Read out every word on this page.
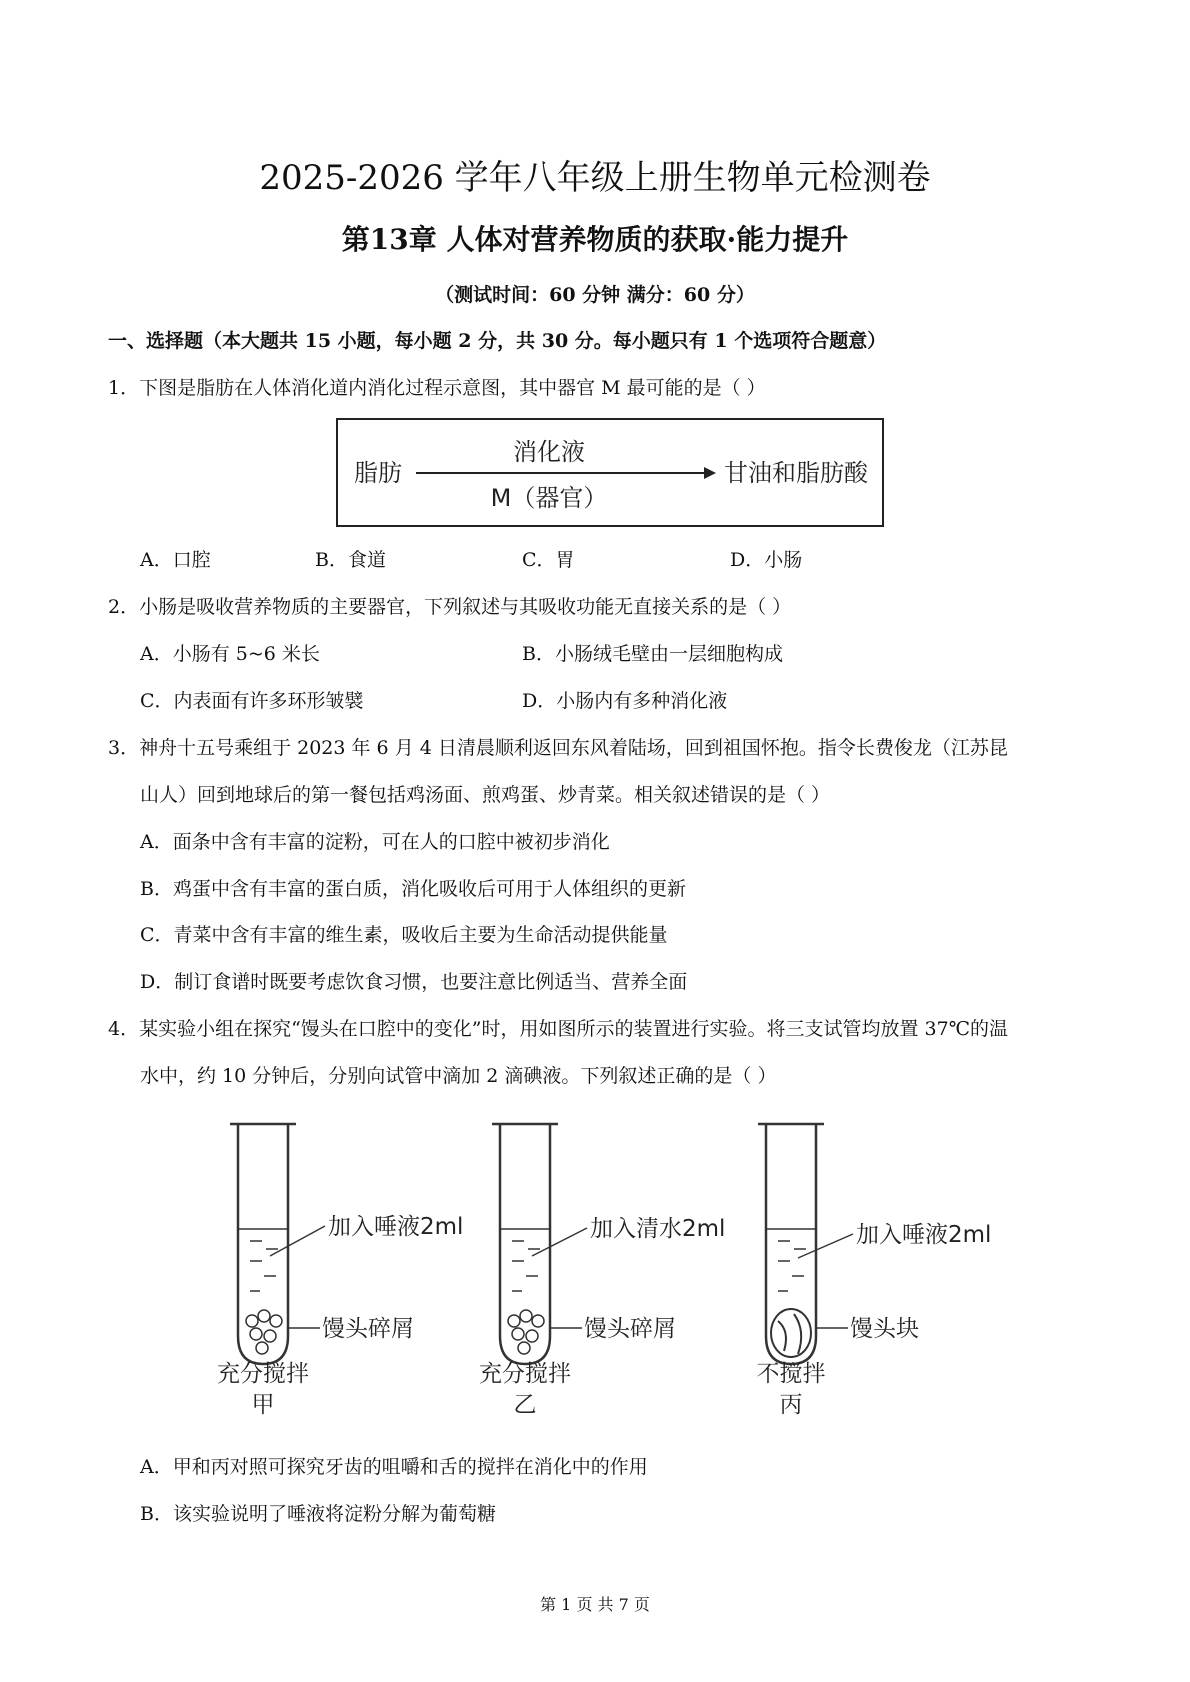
2025-2026 学年八年级上册生物单元检测卷
第13章 人体对营养物质的获取·能力提升
（测试时间：60 分钟 满分：60 分）
一、选择题（本大题共 15 小题，每小题 2 分，共 30 分。每小题只有 1 个选项符合题意）
1．下图是脂肪在人体消化道内消化过程示意图，其中器官 M 最可能的是（ ）
脂肪
消化液
M（器官）
甘油和脂肪酸
A．口腔	B．食道	C．胃	D．小肠
2．小肠是吸收营养物质的主要器官，下列叙述与其吸收功能无直接关系的是（ ）
A．小肠有 5~6 米长	B．小肠绒毛壁由一层细胞构成
C．内表面有许多环形皱襞	D．小肠内有多种消化液
3．神舟十五号乘组于 2023 年 6 月 4 日清晨顺利返回东风着陆场，回到祖国怀抱。指令长费俊龙（江苏昆
山人）回到地球后的第一餐包括鸡汤面、煎鸡蛋、炒青菜。相关叙述错误的是（ ）
A．面条中含有丰富的淀粉，可在人的口腔中被初步消化
B．鸡蛋中含有丰富的蛋白质，消化吸收后可用于人体组织的更新
C．青菜中含有丰富的维生素，吸收后主要为生命活动提供能量
D．制订食谱时既要考虑饮食习惯，也要注意比例适当、营养全面
4．某实验小组在探究“馒头在口腔中的变化”时，用如图所示的装置进行实验。将三支试管均放置 37℃的温
水中，约 10 分钟后，分别向试管中滴加 2 滴碘液。下列叙述正确的是（ ）
加入唾液2ml
馒头碎屑
充分搅拌
甲
加入清水2ml
馒头碎屑
充分搅拌
乙
加入唾液2ml
馒头块
不搅拌
丙
A．甲和丙对照可探究牙齿的咀嚼和舌的搅拌在消化中的作用
B．该实验说明了唾液将淀粉分解为葡萄糖
第 1 页 共 7 页
